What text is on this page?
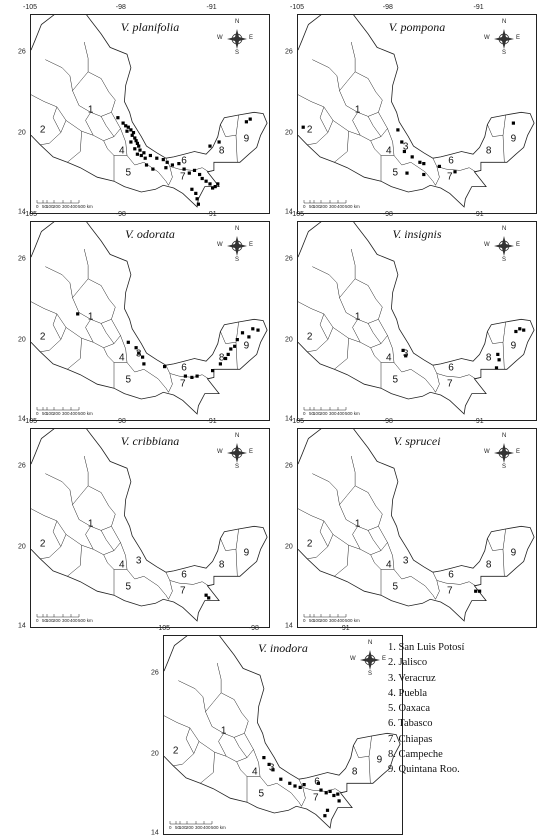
-105	-98	-91
26
20
14
N
S
W	E
0 50
100 200 300 400 500 km
V. planifolia
1
2
4
5
6
7
8
9
-105	-98	-91
26
20
14
N
S
W	E
0 50
100 200 300 400 500 km
V. pompona
1
2
3
4
5
6
7
8
9
-105	-98	-91
26
20
14
N
S
W	E
0 50
100 200 300 400 500 km
V. odorata
1
2
3
4
5
6
7
8
9
-105	-98	-91
26
20
14
N
S
W	E
0 50
100 200 300 400 500 km
V. insignis
1
2
3
4
5
6
7
8
9
-105	-98	-91
26
20
14
N
S
W	E
0 50
100 200 300 400 500 km
V. cribbiana
1
2
3
4
5
6
7
8
9
-105	-98	-91
26
20
14
N
S
W	E
0 50
100 200 300 400 500 km
V. sprucei
1
2
3
4
5
6
7
8
9
-105	-98	-91
26
20
14
N
S
W	E
0 50
100 200 300 400 500 km
V. inodora
1
2
3
4
5
6
7
8
9
1. San Luis Potosí
2. Jalisco
3. Veracruz
4. Puebla
5. Oaxaca
6. Tabasco
7. Chiapas
8. Campeche
9. Quintana Roo.
